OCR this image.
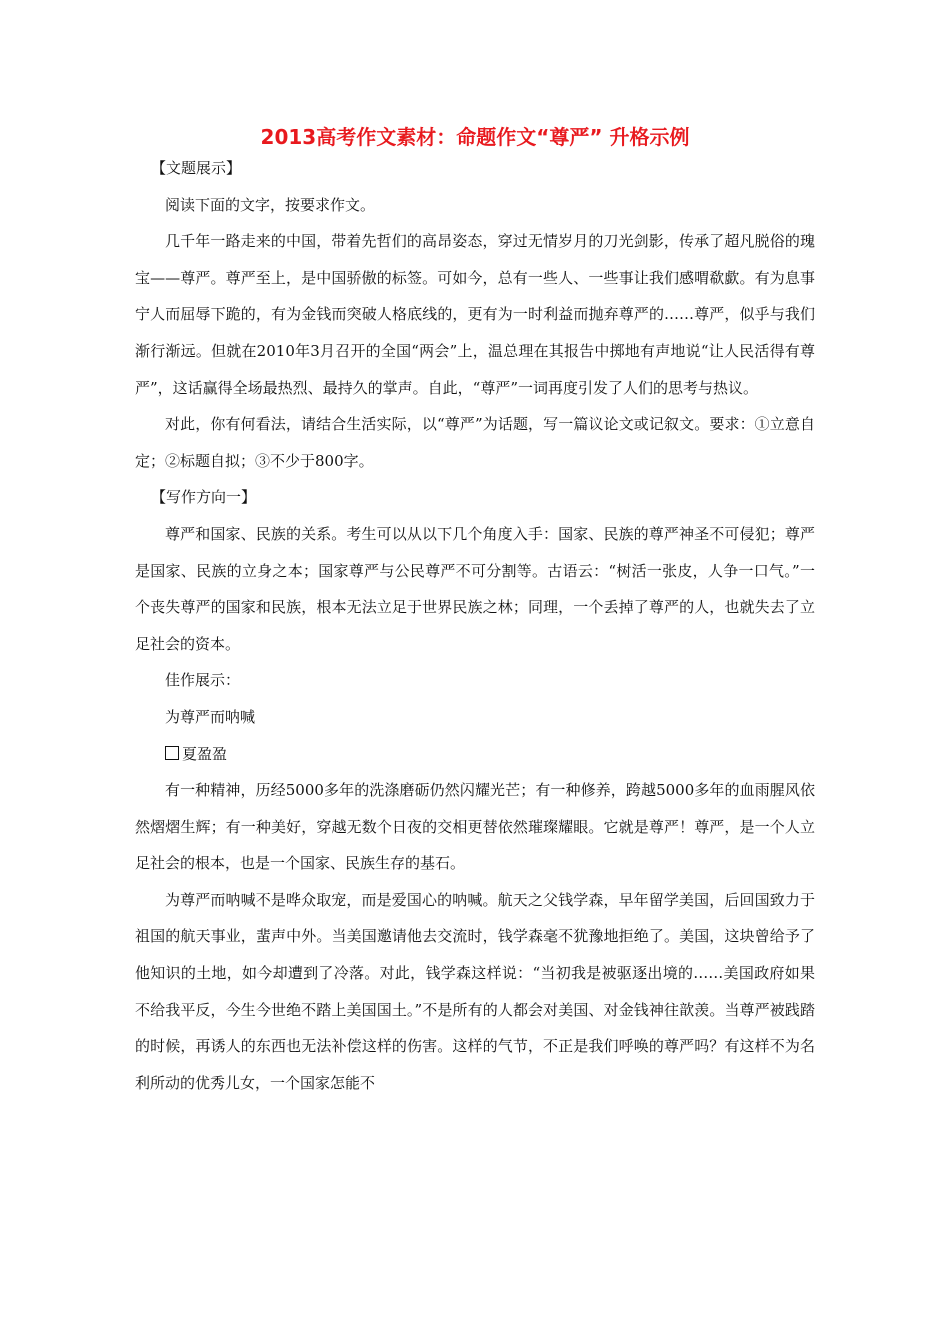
2013高考作文素材：命题作文“尊严” 升格示例

【文题展示】

阅读下面的文字，按要求作文。

几千年一路走来的中国，带着先哲们的高昂姿态，穿过无情岁月的刀光剑影，传承了超凡脱俗的瑰宝——尊严。尊严至上，是中国骄傲的标签。可如今，总有一些人、一些事让我们感喟欷歔。有为息事宁人而屈辱下跪的，有为金钱而突破人格底线的，更有为一时利益而抛弃尊严的……尊严，似乎与我们渐行渐远。但就在2010年3月召开的全国“两会”上，温总理在其报告中掷地有声地说“让人民活得有尊严”，这话赢得全场最热烈、最持久的掌声。自此，“尊严”一词再度引发了人们的思考与热议。

对此，你有何看法，请结合生活实际，以“尊严”为话题，写一篇议论文或记叙文。要求：①立意自定；②标题自拟；③不少于800字。

【写作方向一】

尊严和国家、民族的关系。考生可以从以下几个角度入手：国家、民族的尊严神圣不可侵犯；尊严是国家、民族的立身之本；国家尊严与公民尊严不可分割等。古语云：“树活一张皮，人争一口气。”一个丧失尊严的国家和民族，根本无法立足于世界民族之林；同理，一个丢掉了尊严的人，也就失去了立足社会的资本。

佳作展示：

为尊严而呐喊

夏盈盈

有一种精神，历经5000多年的洗涤磨砺仍然闪耀光芒；有一种修养，跨越5000多年的血雨腥风依然熠熠生辉；有一种美好，穿越无数个日夜的交相更替依然璀璨耀眼。它就是尊严！尊严，是一个人立足社会的根本，也是一个国家、民族生存的基石。

为尊严而呐喊不是哗众取宠，而是爱国心的呐喊。航天之父钱学森，早年留学美国，后回国致力于祖国的航天事业，蜚声中外。当美国邀请他去交流时，钱学森毫不犹豫地拒绝了。美国，这块曾给予了他知识的土地，如今却遭到了冷落。对此，钱学森这样说：“当初我是被驱逐出境的……美国政府如果不给我平反，今生今世绝不踏上美国国土。”不是所有的人都会对美国、对金钱神往歆羡。当尊严被践踏的时候，再诱人的东西也无法补偿这样的伤害。这样的气节，不正是我们呼唤的尊严吗？有这样不为名利所动的优秀儿女，一个国家怎能不
